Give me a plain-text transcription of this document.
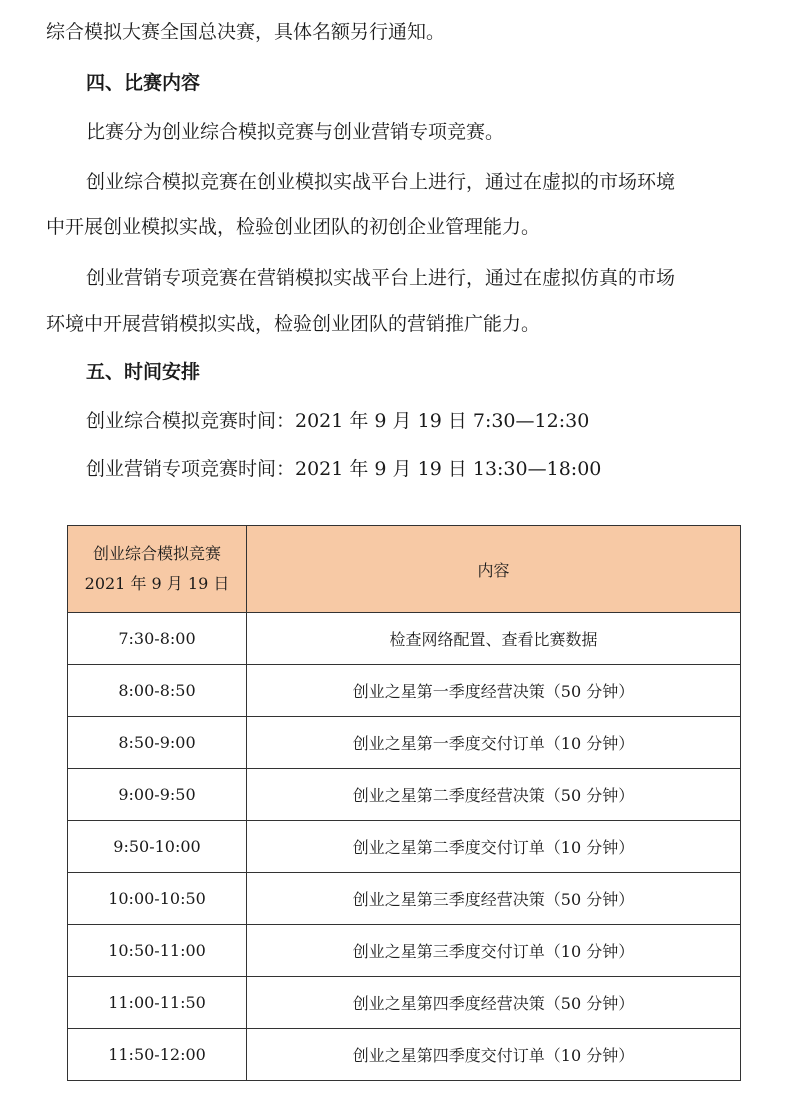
综合模拟大赛全国总决赛，具体名额另行通知。
四、比赛内容
比赛分为创业综合模拟竞赛与创业营销专项竞赛。
创业综合模拟竞赛在创业模拟实战平台上进行，通过在虚拟的市场环境
中开展创业模拟实战，检验创业团队的初创企业管理能力。
创业营销专项竞赛在营销模拟实战平台上进行，通过在虚拟仿真的市场
环境中开展营销模拟实战，检验创业团队的营销推广能力。
五、时间安排
创业综合模拟竞赛时间：2021 年 9 月 19 日 7:30—12:30
创业营销专项竞赛时间：2021 年 9 月 19 日 13:30—18:00
创业综合模拟竞赛
2021 年 9 月 19 日	内容
7:30-8:00	检查网络配置、查看比赛数据
8:00-8:50	创业之星第一季度经营决策（50 分钟）
8:50-9:00	创业之星第一季度交付订单（10 分钟）
9:00-9:50	创业之星第二季度经营决策（50 分钟）
9:50-10:00	创业之星第二季度交付订单（10 分钟）
10:00-10:50	创业之星第三季度经营决策（50 分钟）
10:50-11:00	创业之星第三季度交付订单（10 分钟）
11:00-11:50	创业之星第四季度经营决策（50 分钟）
11:50-12:00	创业之星第四季度交付订单（10 分钟）
